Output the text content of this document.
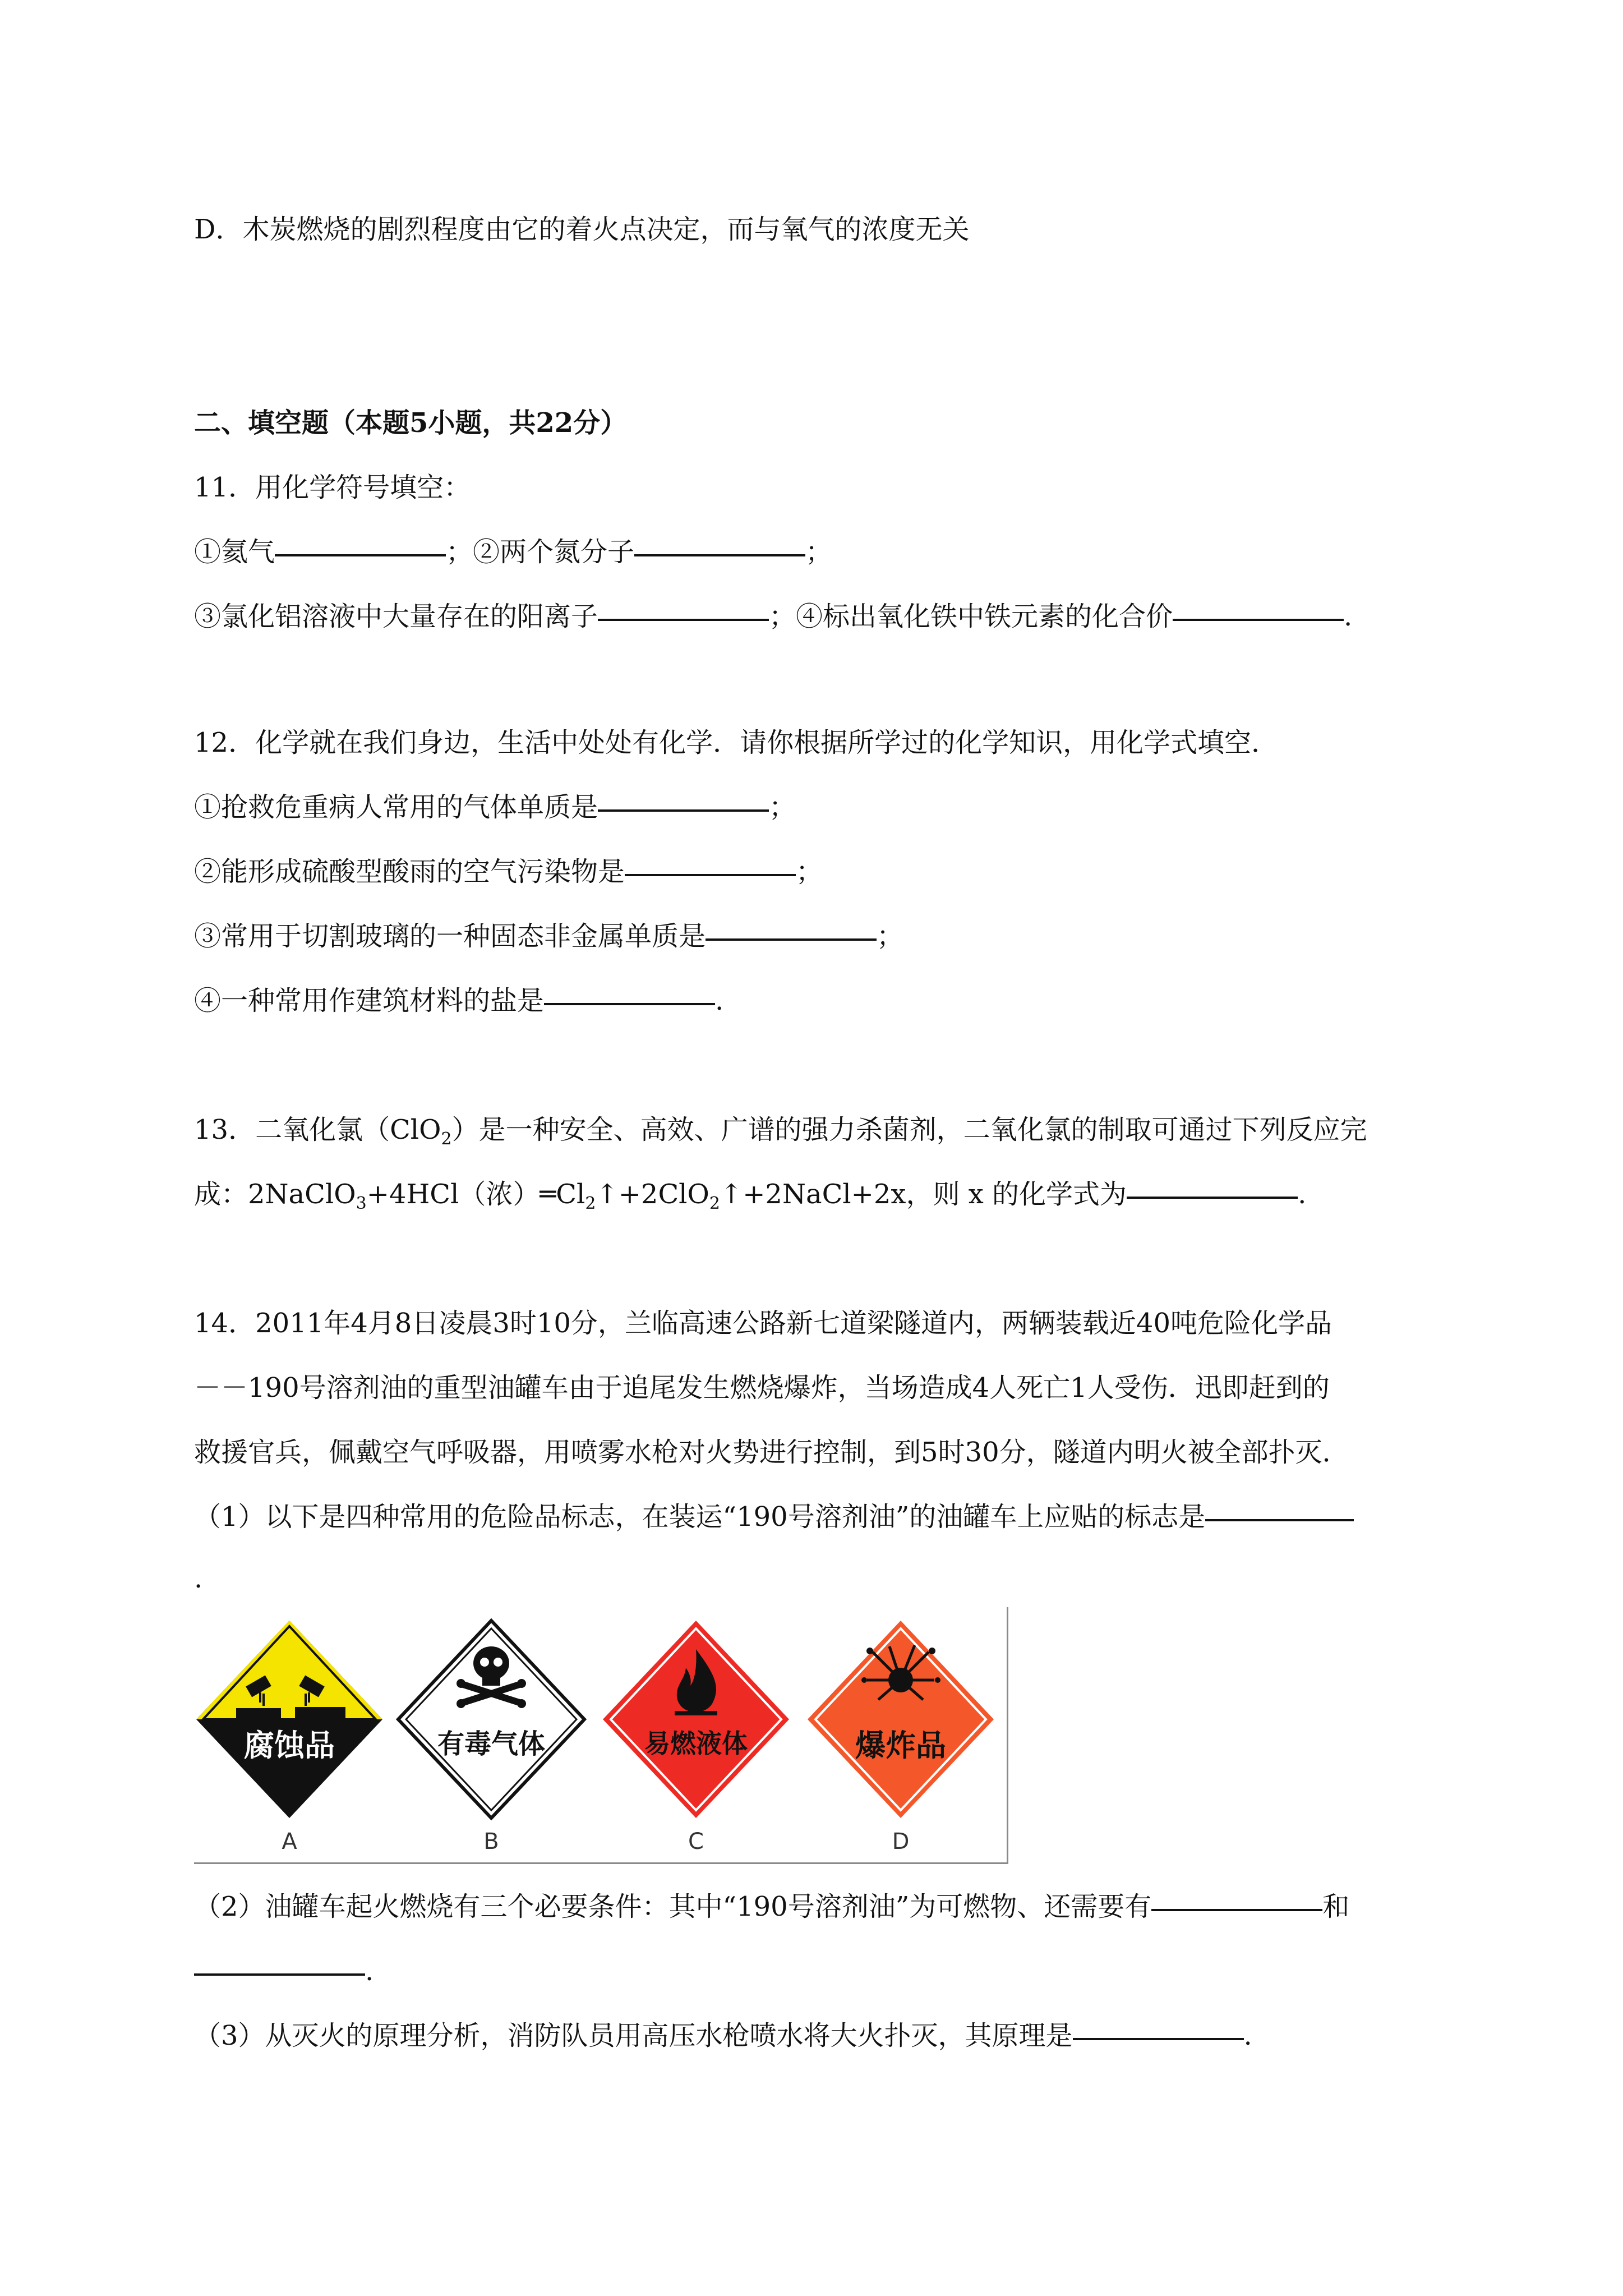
D．木炭燃烧的剧烈程度由它的着火点决定，而与氧气的浓度无关
二、填空题（本题5小题，共22分）
11．用化学符号填空：
①氦气	；②两个氮分子	；
③氯化铝溶液中大量存在的阳离子	；④标出氧化铁中铁元素的化合价	.
12．化学就在我们身边，生活中处处有化学．请你根据所学过的化学知识，用化学式填空．
①抢救危重病人常用的气体单质是	；
②能形成硫酸型酸雨的空气污染物是	；
③常用于切割玻璃的一种固态非金属单质是	；
④一种常用作建筑材料的盐是	.
13．二氧化氯（ClO$_2$）是一种安全、高效、广谱的强力杀菌剂，二氧化氯的制取可通过下列反应完
成：2NaClO$_3$+4HCl（浓）$═Cl_2↑+2ClO_2↑+2NaCl+2x$，则 x 的化学式为	.
14．2011年4月8日凌晨3时10分，兰临高速公路新七道梁隧道内，两辆装载近40吨危险化学品
－－190号溶剂油的重型油罐车由于追尾发生燃烧爆炸，当场造成4人死亡1人受伤．迅即赶到的
救援官兵，佩戴空气呼吸器，用喷雾水枪对火势进行控制，到5时30分，隧道内明火被全部扑灭．
（1）以下是四种常用的危险品标志，在装运“190号溶剂油”的油罐车上应贴的标志是
.
腐蚀品
A
有毒气体
B
易燃液体
C
爆炸品
D
（2）油罐车起火燃烧有三个必要条件：其中“190号溶剂油”为可燃物、还需要有	和
.
（3）从灭火的原理分析，消防队员用高压水枪喷水将大火扑灭，其原理是	.
